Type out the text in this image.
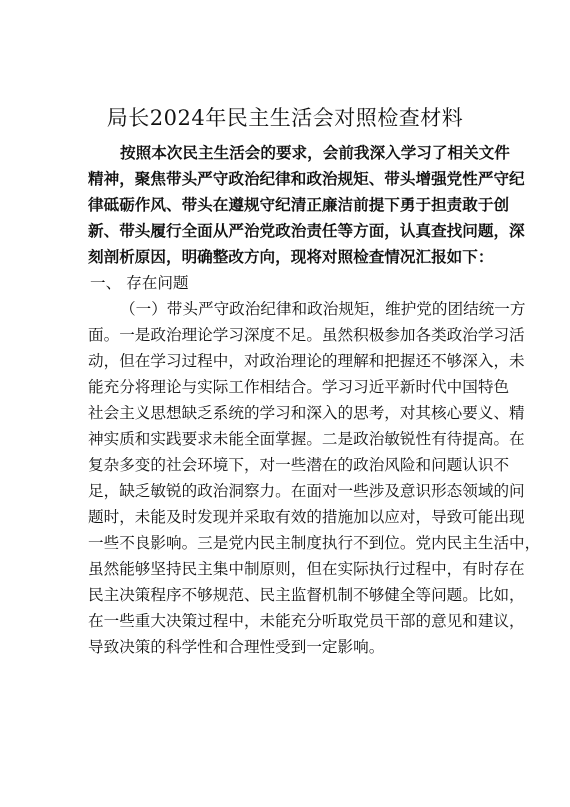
局长2024年民主生活会对照检查材料
按照本次民主生活会的要求，会前我深入学习了相关文件
精神，聚焦带头严守政治纪律和政治规矩、带头增强党性严守纪
律砥砺作风、带头在遵规守纪清正廉洁前提下勇于担责敢于创
新、带头履行全面从严治党政治责任等方面，认真查找问题，深
刻剖析原因，明确整改方向，现将对照检查情况汇报如下：
一、 存在问题
（一）带头严守政治纪律和政治规矩，维护党的团结统一方
面。一是政治理论学习深度不足。虽然积极参加各类政治学习活
动，但在学习过程中，对政治理论的理解和把握还不够深入，未
能充分将理论与实际工作相结合。学习习近平新时代中国特色
社会主义思想缺乏系统的学习和深入的思考，对其核心要义、精
神实质和实践要求未能全面掌握。二是政治敏锐性有待提高。在
复杂多变的社会环境下，对一些潜在的政治风险和问题认识不
足，缺乏敏锐的政治洞察力。在面对一些涉及意识形态领域的问
题时，未能及时发现并采取有效的措施加以应对，导致可能出现
一些不良影响。三是党内民主制度执行不到位。党内民主生活中，
虽然能够坚持民主集中制原则，但在实际执行过程中，有时存在
民主决策程序不够规范、民主监督机制不够健全等问题。比如，
在一些重大决策过程中，未能充分听取党员干部的意见和建议，
导致决策的科学性和合理性受到一定影响。
